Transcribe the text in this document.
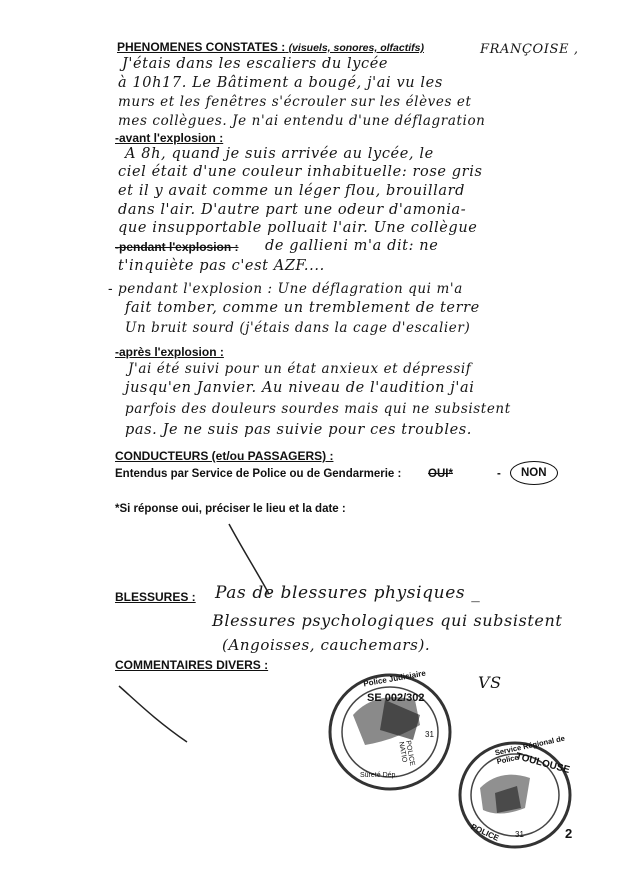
PHENOMENES CONSTATES : (visuels, sonores, olfactifs)	FRANÇOISE ,
J'étais dans les escaliers du lycée
à 10h17. Le Bâtiment a bougé, j'ai vu les
murs et les fenêtres s'écrouler sur les élèves et
mes collègues. Je n'ai entendu d'une déflagration
-avant l'explosion :
A 8h, quand je suis arrivée au lycée, le
ciel était d'une couleur inhabituelle: rose gris
et il y avait comme un léger flou, brouillard
dans l'air. D'autre part une odeur d'amonia-
que insupportable polluait l'air. Une collègue
-pendant l'explosion : de gallieni m'a dit: ne
t'inquiète pas c'est AZF....
- pendant l'explosion : Une déflagration qui m'a
fait tomber, comme un tremblement de terre
Un bruit sourd (j'étais dans la cage d'escalier)
-après l'explosion :
J'ai été suivi pour un état anxieux et dépressif
jusqu'en Janvier. Au niveau de l'audition j'ai
parfois des douleurs sourdes mais qui ne subsistent
pas. Je ne suis pas suivie pour ces troubles.
CONDUCTEURS (et/ou PASSAGERS) :
Entendus par Service de Police ou de Gendarmerie : OUI*	-	NON
*Si réponse oui, préciser le lieu et la date :
BLESSURES : Pas de blessures physiques _
Blessures psychologiques qui subsistent
(Angoisses, cauchemars).
COMMENTAIRES DIVERS :
Police Judiciaire
SE 002/302
POLICE NATIO
Sûreté Dép.
31
VS
Service Régional de Police
TOULOUSE
POLICE 31	2
